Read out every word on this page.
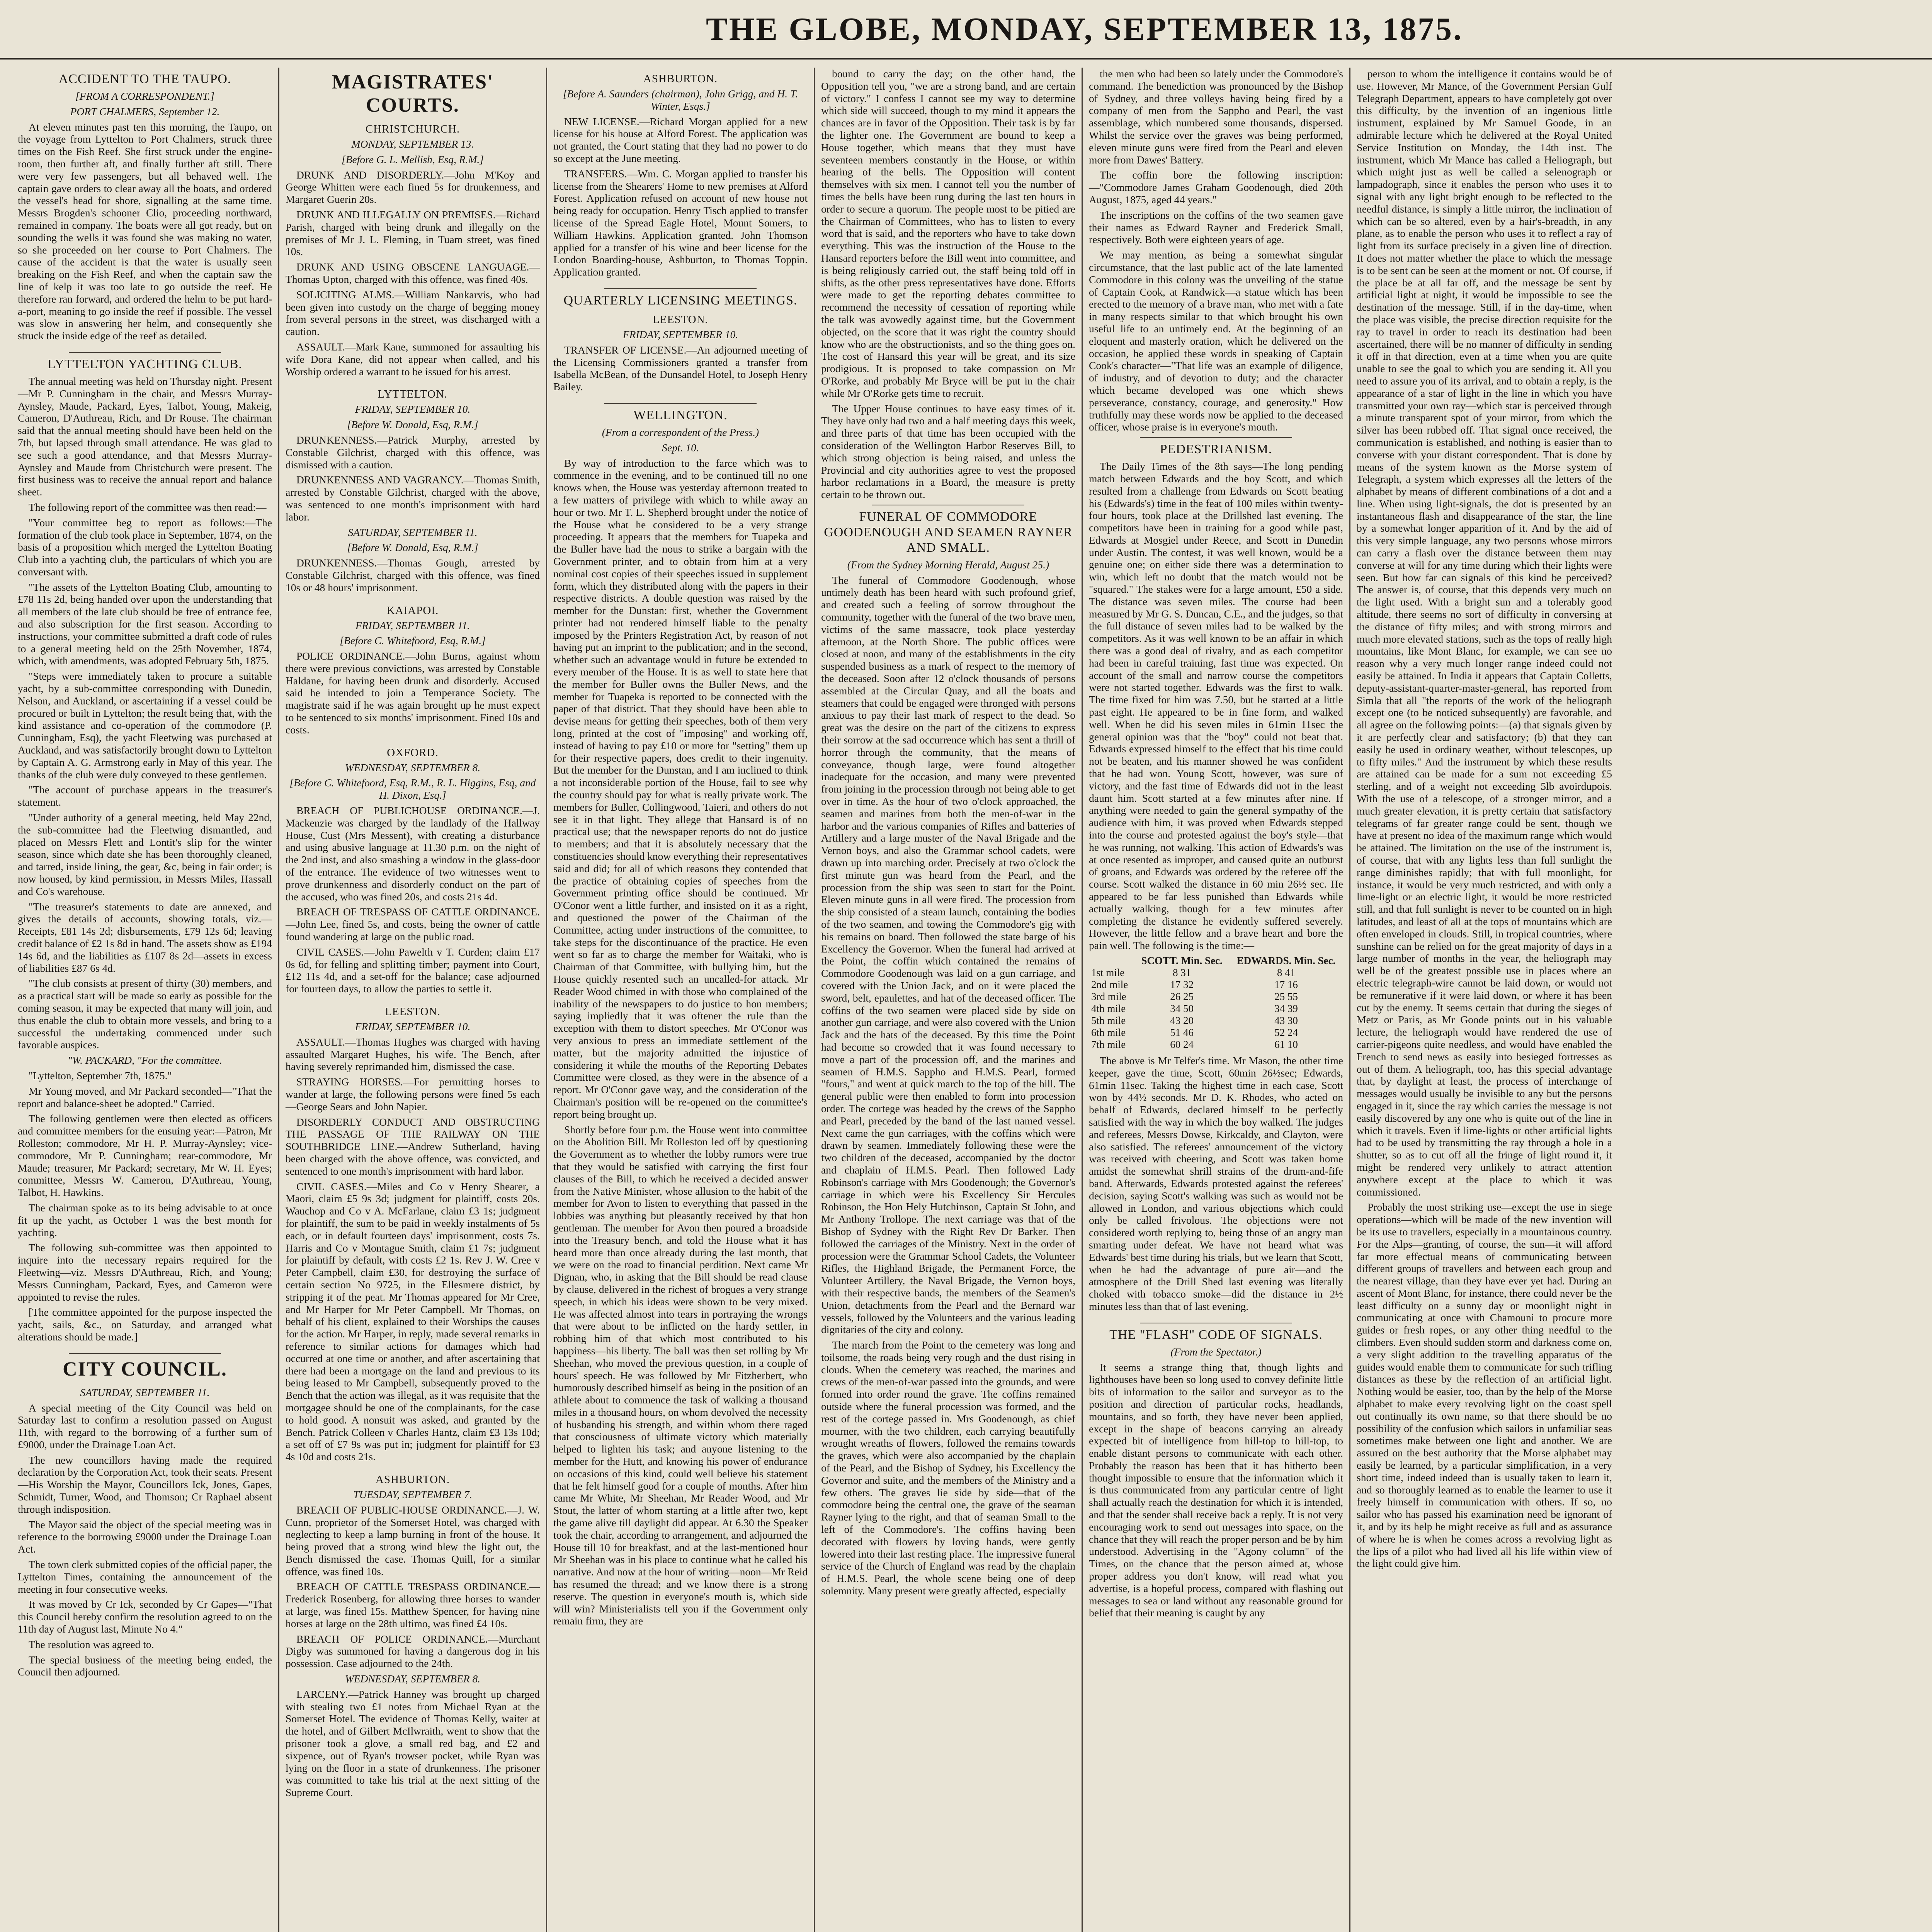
THE GLOBE, MONDAY, SEPTEMBER 13, 1875.
ACCIDENT TO THE TAUPO.
[FROM A CORRESPONDENT.]
PORT CHALMERS, September 12.

At eleven minutes past ten this morning, the Taupo, on the voyage from Lyttelton to Port Chalmers, struck three times on the Fish Reef. She first struck under the engine-room, then further aft, and finally further aft still. There were very few passengers, but all behaved well. The captain gave orders to clear away all the boats, and ordered the vessel's head for shore, signalling at the same time. Messrs Brogden's schooner Clio, proceeding northward, remained in company. The boats were all got ready, but on sounding the wells it was found she was making no water, so she proceeded on her course to Port Chalmers. The cause of the accident is that the water is usually seen breaking on the Fish Reef, and when the captain saw the line of kelp it was too late to go outside the reef. He therefore ran forward, and ordered the helm to be put hard-a-port, meaning to go inside the reef if possible. The vessel was slow in answering her helm, and consequently she struck the inside edge of the reef as detailed.

LYTTELTON YACHTING CLUB.

The annual meeting was held on Thursday night. Present—Mr P. Cunningham in the chair, and Messrs Murray-Aynsley, Maude, Packard, Eyes, Talbot, Young, Makeig, Cameron, D'Authreau, Rich, and Dr Rouse. The chairman said that the annual meeting should have been held on the 7th, but lapsed through small attendance. He was glad to see such a good attendance, and that Messrs Murray-Aynsley and Maude from Christchurch were present. The first business was to receive the annual report and balance sheet.

The following report of the committee was then read:—

"Your committee beg to report as follows:—The formation of the club took place in September, 1874, on the basis of a proposition which merged the Lyttelton Boating Club into a yachting club, the particulars of which you are conversant with.

"The assets of the Lyttelton Boating Club, amounting to £78 11s 2d, being handed over upon the understanding that all members of the late club should be free of entrance fee, and also subscription for the first season. According to instructions, your committee submitted a draft code of rules to a general meeting held on the 25th November, 1874, which, with amendments, was adopted February 5th, 1875.

"Steps were immediately taken to procure a suitable yacht, by a sub-committee corresponding with Dunedin, Nelson, and Auckland, or ascertaining if a vessel could be procured or built in Lyttelton; the result being that, with the kind assistance and co-operation of the commodore (P. Cunningham, Esq), the yacht Fleetwing was purchased at Auckland, and was satisfactorily brought down to Lyttelton by Captain A. G. Armstrong early in May of this year. The thanks of the club were duly conveyed to these gentlemen.

"The account of purchase appears in the treasurer's statement.

"Under authority of a general meeting, held May 22nd, the sub-committee had the Fleetwing dismantled, and placed on Messrs Flett and Lontit's slip for the winter season, since which date she has been thoroughly cleaned, and tarred, inside lining, the gear, &c, being in fair order; is now housed, by kind permission, in Messrs Miles, Hassall and Co's warehouse.

"The treasurer's statements to date are annexed, and gives the details of accounts, showing totals, viz.—Receipts, £81 14s 2d; disbursements, £79 12s 6d; leaving credit balance of £2 1s 8d in hand. The assets show as £194 14s 6d, and the liabilities as £107 8s 2d—assets in excess of liabilities £87 6s 4d.

"The club consists at present of thirty (30) members, and as a practical start will be made so early as possible for the coming season, it may be expected that many will join, and thus enable the club to obtain more vessels, and bring to a successful the undertaking commenced under such favorable auspices.

"W. PACKARD, "For the committee.

"Lyttelton, September 7th, 1875."

Mr Young moved, and Mr Packard seconded—"That the report and balance-sheet be adopted." Carried.

The following gentlemen were then elected as officers and committee members for the ensuing year:—Patron, Mr Rolleston; commodore, Mr H. P. Murray-Aynsley; vice-commodore, Mr P. Cunningham; rear-commodore, Mr Maude; treasurer, Mr Packard; secretary, Mr W. H. Eyes; committee, Messrs W. Cameron, D'Authreau, Young, Talbot, H. Hawkins.

The chairman spoke as to its being advisable to at once fit up the yacht, as October 1 was the best month for yachting.

The following sub-committee was then appointed to inquire into the necessary repairs required for the Fleetwing—viz. Messrs D'Authreau, Rich, and Young; Messrs Cunningham, Packard, Eyes, and Cameron were appointed to revise the rules.

[The committee appointed for the purpose inspected the yacht, sails, &c., on Saturday, and arranged what alterations should be made.]

CITY COUNCIL.
SATURDAY, SEPTEMBER 11.

A special meeting of the City Council was held on Saturday last to confirm a resolution passed on August 11th, with regard to the borrowing of a further sum of £9000, under the Drainage Loan Act.

The new councillors having made the required declaration by the Corporation Act, took their seats. Present—His Worship the Mayor, Councillors Ick, Jones, Gapes, Schmidt, Turner, Wood, and Thomson; Cr Raphael absent through indisposition.

The Mayor said the object of the special meeting was in reference to the borrowing £9000 under the Drainage Loan Act.

The town clerk submitted copies of the official paper, the Lyttelton Times, containing the announcement of the meeting in four consecutive weeks.

It was moved by Cr Ick, seconded by Cr Gapes—"That this Council hereby confirm the resolution agreed to on the 11th day of August last, Minute No 4."

The resolution was agreed to.

The special business of the meeting being ended, the Council then adjourned.

MAGISTRATES' COURTS.
CHRISTCHURCH.
MONDAY, SEPTEMBER 13.
[Before G. L. Mellish, Esq, R.M.]

DRUNK AND DISORDERLY.—John M'Koy and George Whitten were each fined 5s for drunkenness, and Margaret Guerin 20s.

DRUNK AND ILLEGALLY ON PREMISES.—Richard Parish, charged with being drunk and illegally on the premises of Mr J. L. Fleming, in Tuam street, was fined 10s.

DRUNK AND USING OBSCENE LANGUAGE.—Thomas Upton, charged with this offence, was fined 40s.

SOLICITING ALMS.—William Nankarvis, who had been given into custody on the charge of begging money from several persons in the street, was discharged with a caution.

ASSAULT.—Mark Kane, summoned for assaulting his wife Dora Kane, did not appear when called, and his Worship ordered a warrant to be issued for his arrest.

LYTTELTON.
FRIDAY, SEPTEMBER 10.
[Before W. Donald, Esq, R.M.]

DRUNKENNESS.—Patrick Murphy, arrested by Constable Gilchrist, charged with this offence, was dismissed with a caution.

DRUNKENNESS AND VAGRANCY.—Thomas Smith, arrested by Constable Gilchrist, charged with the above, was sentenced to one month's imprisonment with hard labor.

SATURDAY, SEPTEMBER 11.
[Before W. Donald, Esq, R.M.]

DRUNKENNESS.—Thomas Gough, arrested by Constable Gilchrist, charged with this offence, was fined 10s or 48 hours' imprisonment.

KAIAPOI.
FRIDAY, SEPTEMBER 11.
[Before C. Whitefoord, Esq, R.M.]

POLICE ORDINANCE.—John Burns, against whom there were previous convictions, was arrested by Constable Haldane, for having been drunk and disorderly. Accused said he intended to join a Temperance Society. The magistrate said if he was again brought up he must expect to be sentenced to six months' imprisonment. Fined 10s and costs.

OXFORD.
WEDNESDAY, SEPTEMBER 8.
[Before C. Whitefoord, Esq, R.M., R. L. Higgins, Esq, and H. Dixon, Esq.]

BREACH OF PUBLICHOUSE ORDINANCE.—J. Mackenzie was charged by the landlady of the Hallway House, Cust (Mrs Messent), with creating a disturbance and using abusive language at 11.30 p.m. on the night of the 2nd inst, and also smashing a window in the glass-door of the entrance. The evidence of two witnesses went to prove drunkenness and disorderly conduct on the part of the accused, who was fined 20s, and costs 21s 4d.

BREACH OF TRESPASS OF CATTLE ORDINANCE.—John Lee, fined 5s, and costs, being the owner of cattle found wandering at large on the public road.

CIVIL CASES.—John Pawelth v T. Curden; claim £17 0s 6d, for felling and splitting timber; payment into Court, £12 11s 4d, and a set-off for the balance; case adjourned for fourteen days, to allow the parties to settle it.

LEESTON.
FRIDAY, SEPTEMBER 10.

ASSAULT.—Thomas Hughes was charged with having assaulted Margaret Hughes, his wife. The Bench, after having severely reprimanded him, dismissed the case.

STRAYING HORSES.—For permitting horses to wander at large, the following persons were fined 5s each—George Sears and John Napier.

DISORDERLY CONDUCT AND OBSTRUCTING THE PASSAGE OF THE RAILWAY ON THE SOUTHBRIDGE LINE.—Andrew Sutherland, having been charged with the above offence, was convicted, and sentenced to one month's imprisonment with hard labor.

CIVIL CASES.—Miles and Co v Henry Shearer, a Maori, claim £5 9s 3d; judgment for plaintiff, costs 20s. Wauchop and Co v A. McFarlane, claim £3 1s; judgment for plaintiff, the sum to be paid in weekly instalments of 5s each, or in default fourteen days' imprisonment, costs 7s. Harris and Co v Montague Smith, claim £1 7s; judgment for plaintiff by default, with costs £2 1s. Rev J. W. Cree v Peter Campbell, claim £30, for destroying the surface of certain section No 9725, in the Ellesmere district, by stripping it of the peat. Mr Thomas appeared for Mr Cree, and Mr Harper for Mr Peter Campbell. Mr Thomas, on behalf of his client, explained to their Worships the causes for the action. Mr Harper, in reply, made several remarks in reference to similar actions for damages which had occurred at one time or another, and after ascertaining that there had been a mortgage on the land and previous to its being leased to Mr Campbell, subsequently proved to the Bench that the action was illegal, as it was requisite that the mortgagee should be one of the complainants, for the case to hold good. A nonsuit was asked, and granted by the Bench. Patrick Colleen v Charles Hantz, claim £3 13s 10d; a set off of £7 9s was put in; judgment for plaintiff for £3 4s 10d and costs 21s.

ASHBURTON.
TUESDAY, SEPTEMBER 7.

BREACH OF PUBLIC-HOUSE ORDINANCE.—J. W. Cunn, proprietor of the Somerset Hotel, was charged with neglecting to keep a lamp burning in front of the house. It being proved that a strong wind blew the light out, the Bench dismissed the case. Thomas Quill, for a similar offence, was fined 10s.

BREACH OF CATTLE TRESPASS ORDINANCE.—Frederick Rosenberg, for allowing three horses to wander at large, was fined 15s. Matthew Spencer, for having nine horses at large on the 28th ultimo, was fined £4 10s.

BREACH OF POLICE ORDINANCE.—Murchant Digby was summoned for having a dangerous dog in his possession. Case adjourned to the 24th.

WEDNESDAY, SEPTEMBER 8.

LARCENY.—Patrick Hanney was brought up charged with stealing two £1 notes from Michael Ryan at the Somerset Hotel. The evidence of Thomas Kelly, waiter at the hotel, and of Gilbert McIlwraith, went to show that the prisoner took a glove, a small red bag, and £2 and sixpence, out of Ryan's trowser pocket, while Ryan was lying on the floor in a state of drunkenness. The prisoner was committed to take his trial at the next sitting of the Supreme Court.

ASHBURTON.
[Before A. Saunders (chairman), John Grigg, and H. T. Winter, Esqs.]

NEW LICENSE.—Richard Morgan applied for a new license for his house at Alford Forest. The application was not granted, the Court stating that they had no power to do so except at the June meeting.

TRANSFERS.—Wm. C. Morgan applied to transfer his license from the Shearers' Home to new premises at Alford Forest. Application refused on account of new house not being ready for occupation. Henry Tisch applied to transfer license of the Spread Eagle Hotel, Mount Somers, to William Hawkins. Application granted. John Thomson applied for a transfer of his wine and beer license for the London Boarding-house, Ashburton, to Thomas Toppin. Application granted.

QUARTERLY LICENSING MEETINGS.
LEESTON.
FRIDAY, SEPTEMBER 10.

TRANSFER OF LICENSE.—An adjourned meeting of the Licensing Commissioners granted a transfer from Isabella McBean, of the Dunsandel Hotel, to Joseph Henry Bailey.

WELLINGTON.
(From a correspondent of the Press.)
Sept. 10.

By way of introduction to the farce which was to commence in the evening, and to be continued till no one knows when, the House was yesterday afternoon treated to a few matters of privilege with which to while away an hour or two. Mr T. L. Shepherd brought under the notice of the House what he considered to be a very strange proceeding. It appears that the members for Tuapeka and the Buller have had the nous to strike a bargain with the Government printer, and to obtain from him at a very nominal cost copies of their speeches issued in supplement form, which they distributed along with the papers in their respective districts. A double question was raised by the member for the Dunstan: first, whether the Government printer had not rendered himself liable to the penalty imposed by the Printers Registration Act, by reason of not having put an imprint to the publication; and in the second, whether such an advantage would in future be extended to every member of the House. It is as well to state here that the member for Buller owns the Buller News, and the member for Tuapeka is reported to be connected with the paper of that district. That they should have been able to devise means for getting their speeches, both of them very long, printed at the cost of "imposing" and working off, instead of having to pay £10 or more for "setting" them up for their respective papers, does credit to their ingenuity. But the member for the Dunstan, and I am inclined to think a not inconsiderable portion of the House, fail to see why the country should pay for what is really private work. The members for Buller, Collingwood, Taieri, and others do not see it in that light. They allege that Hansard is of no practical use; that the newspaper reports do not do justice to members; and that it is absolutely necessary that the constituencies should know everything their representatives said and did; for all of which reasons they contended that the practice of obtaining copies of speeches from the Government printing office should be continued. Mr O'Conor went a little further, and insisted on it as a right, and questioned the power of the Chairman of the Committee, acting under instructions of the committee, to take steps for the discontinuance of the practice. He even went so far as to charge the member for Waitaki, who is Chairman of that Committee, with bullying him, but the House quickly resented such an uncalled-for attack. Mr Reader Wood chimed in with those who complained of the inability of the newspapers to do justice to hon members; saying impliedly that it was oftener the rule than the exception with them to distort speeches. Mr O'Conor was very anxious to press an immediate settlement of the matter, but the majority admitted the injustice of considering it while the mouths of the Reporting Debates Committee were closed, as they were in the absence of a report. Mr O'Conor gave way, and the consideration of the Chairman's position will be re-opened on the committee's report being brought up.

Shortly before four p.m. the House went into committee on the Abolition Bill. Mr Rolleston led off by questioning the Government as to whether the lobby rumors were true that they would be satisfied with carrying the first four clauses of the Bill, to which he received a decided answer from the Native Minister, whose allusion to the habit of the member for Avon to listen to everything that passed in the lobbies was anything but pleasantly received by that hon gentleman. The member for Avon then poured a broadside into the Treasury bench, and told the House what it has heard more than once already during the last month, that we were on the road to financial perdition. Next came Mr Dignan, who, in asking that the Bill should be read clause by clause, delivered in the richest of brogues a very strange speech, in which his ideas were shown to be very mixed. He was affected almost into tears in portraying the wrongs that were about to be inflicted on the hardy settler, in robbing him of that which most contributed to his happiness—his liberty. The ball was then set rolling by Mr Sheehan, who moved the previous question, in a couple of hours' speech. He was followed by Mr Fitzherbert, who humorously described himself as being in the position of an athlete about to commence the task of walking a thousand miles in a thousand hours, on whom devolved the necessity of husbanding his strength, and within whom there raged that consciousness of ultimate victory which materially helped to lighten his task; and anyone listening to the member for the Hutt, and knowing his power of endurance on occasions of this kind, could well believe his statement that he felt himself good for a couple of months. After him came Mr White, Mr Sheehan, Mr Reader Wood, and Mr Stout, the latter of whom starting at a little after two, kept the game alive till daylight did appear. At 6.30 the Speaker took the chair, according to arrangement, and adjourned the House till 10 for breakfast, and at the last-mentioned hour Mr Sheehan was in his place to continue what he called his narrative. And now at the hour of writing—noon—Mr Reid has resumed the thread; and we know there is a strong reserve. The question in everyone's mouth is, which side will win? Ministerialists tell you if the Government only remain firm, they are

bound to carry the day; on the other hand, the Opposition tell you, "we are a strong band, and are certain of victory." I confess I cannot see my way to determine which side will succeed, though to my mind it appears the chances are in favor of the Opposition. Their task is by far the lighter one. The Government are bound to keep a House together, which means that they must have seventeen members constantly in the House, or within hearing of the bells. The Opposition will content themselves with six men. I cannot tell you the number of times the bells have been rung during the last ten hours in order to secure a quorum. The people most to be pitied are the Chairman of Committees, who has to listen to every word that is said, and the reporters who have to take down everything. This was the instruction of the House to the Hansard reporters before the Bill went into committee, and is being religiously carried out, the staff being told off in shifts, as the other press representatives have done. Efforts were made to get the reporting debates committee to recommend the necessity of cessation of reporting while the talk was avowedly against time, but the Government objected, on the score that it was right the country should know who are the obstructionists, and so the thing goes on. The cost of Hansard this year will be great, and its size prodigious. It is proposed to take compassion on Mr O'Rorke, and probably Mr Bryce will be put in the chair while Mr O'Rorke gets time to recruit.

The Upper House continues to have easy times of it. They have only had two and a half meeting days this week, and three parts of that time has been occupied with the consideration of the Wellington Harbor Reserves Bill, to which strong objection is being raised, and unless the Provincial and city authorities agree to vest the proposed harbor reclamations in a Board, the measure is pretty certain to be thrown out.

FUNERAL OF COMMODORE GOODENOUGH AND SEAMEN RAYNER AND SMALL.
(From the Sydney Morning Herald, August 25.)

The funeral of Commodore Goodenough, whose untimely death has been heard with such profound grief, and created such a feeling of sorrow throughout the community, together with the funeral of the two brave men, victims of the same massacre, took place yesterday afternoon, at the North Shore. The public offices were closed at noon, and many of the establishments in the city suspended business as a mark of respect to the memory of the deceased. Soon after 12 o'clock thousands of persons assembled at the Circular Quay, and all the boats and steamers that could be engaged were thronged with persons anxious to pay their last mark of respect to the dead. So great was the desire on the part of the citizens to express their sorrow at the sad occurrence which has sent a thrill of horror through the community, that the means of conveyance, though large, were found altogether inadequate for the occasion, and many were prevented from joining in the procession through not being able to get over in time. As the hour of two o'clock approached, the seamen and marines from both the men-of-war in the harbor and the various companies of Rifles and batteries of Artillery and a large muster of the Naval Brigade and the Vernon boys, and also the Grammar school cadets, were drawn up into marching order. Precisely at two o'clock the first minute gun was heard from the Pearl, and the procession from the ship was seen to start for the Point. Eleven minute guns in all were fired. The procession from the ship consisted of a steam launch, containing the bodies of the two seamen, and towing the Commodore's gig with his remains on board. Then followed the state barge of his Excellency the Governor. When the funeral had arrived at the Point, the coffin which contained the remains of Commodore Goodenough was laid on a gun carriage, and covered with the Union Jack, and on it were placed the sword, belt, epaulettes, and hat of the deceased officer. The coffins of the two seamen were placed side by side on another gun carriage, and were also covered with the Union Jack and the hats of the deceased. By this time the Point had become so crowded that it was found necessary to move a part of the procession off, and the marines and seamen of H.M.S. Sappho and H.M.S. Pearl, formed "fours," and went at quick march to the top of the hill. The general public were then enabled to form into procession order. The cortege was headed by the crews of the Sappho and Pearl, preceded by the band of the last named vessel. Next came the gun carriages, with the coffins which were drawn by seamen. Immediately following these were the two children of the deceased, accompanied by the doctor and chaplain of H.M.S. Pearl. Then followed Lady Robinson's carriage with Mrs Goodenough; the Governor's carriage in which were his Excellency Sir Hercules Robinson, the Hon Hely Hutchinson, Captain St John, and Mr Anthony Trollope. The next carriage was that of the Bishop of Sydney with the Right Rev Dr Barker. Then followed the carriages of the Ministry. Next in the order of procession were the Grammar School Cadets, the Volunteer Rifles, the Highland Brigade, the Permanent Force, the Volunteer Artillery, the Naval Brigade, the Vernon boys, with their respective bands, the members of the Seamen's Union, detachments from the Pearl and the Bernard war vessels, followed by the Volunteers and the various leading dignitaries of the city and colony.

The march from the Point to the cemetery was long and toilsome, the roads being very rough and the dust rising in clouds. When the cemetery was reached, the marines and crews of the men-of-war passed into the grounds, and were formed into order round the grave. The coffins remained outside where the funeral procession was formed, and the rest of the cortege passed in. Mrs Goodenough, as chief mourner, with the two children, each carrying beautifully wrought wreaths of flowers, followed the remains towards the graves, which were also accompanied by the chaplain of the Pearl, and the Bishop of Sydney, his Excellency the Governor and suite, and the members of the Ministry and a few others. The graves lie side by side—that of the commodore being the central one, the grave of the seaman Rayner lying to the right, and that of seaman Small to the left of the Commodore's. The coffins having been decorated with flowers by loving hands, were gently lowered into their last resting place. The impressive funeral service of the Church of England was read by the chaplain of H.M.S. Pearl, the whole scene being one of deep solemnity. Many present were greatly affected, especially

the men who had been so lately under the Commodore's command. The benediction was pronounced by the Bishop of Sydney, and three volleys having being fired by a company of men from the Sappho and Pearl, the vast assemblage, which numbered some thousands, dispersed. Whilst the service over the graves was being performed, eleven minute guns were fired from the Pearl and eleven more from Dawes' Battery.

The coffin bore the following inscription:—"Commodore James Graham Goodenough, died 20th August, 1875, aged 44 years."

The inscriptions on the coffins of the two seamen gave their names as Edward Rayner and Frederick Small, respectively. Both were eighteen years of age.

We may mention, as being a somewhat singular circumstance, that the last public act of the late lamented Commodore in this colony was the unveiling of the statue of Captain Cook, at Randwick—a statue which has been erected to the memory of a brave man, who met with a fate in many respects similar to that which brought his own useful life to an untimely end. At the beginning of an eloquent and masterly oration, which he delivered on the occasion, he applied these words in speaking of Captain Cook's character—"That life was an example of diligence, of industry, and of devotion to duty; and the character which became developed was one which shews perseverance, constancy, courage, and generosity." How truthfully may these words now be applied to the deceased officer, whose praise is in everyone's mouth.

PEDESTRIANISM.

The Daily Times of the 8th says—The long pending match between Edwards and the boy Scott, and which resulted from a challenge from Edwards on Scott beating his (Edwards's) time in the feat of 100 miles within twenty-four hours, took place at the Drillshed last evening. The competitors have been in training for a good while past, Edwards at Mosgiel under Reece, and Scott in Dunedin under Austin. The contest, it was well known, would be a genuine one; on either side there was a determination to win, which left no doubt that the match would not be "squared." The stakes were for a large amount, £50 a side. The distance was seven miles. The course had been measured by Mr G. S. Duncan, C.E., and the judges, so that the full distance of seven miles had to be walked by the competitors. As it was well known to be an affair in which there was a good deal of rivalry, and as each competitor had been in careful training, fast time was expected. On account of the small and narrow course the competitors were not started together. Edwards was the first to walk. The time fixed for him was 7.50, but he started at a little past eight. He appeared to be in fine form, and walked well. When he did his seven miles in 61min 11sec the general opinion was that the "boy" could not beat that. Edwards expressed himself to the effect that his time could not be beaten, and his manner showed he was confident that he had won. Young Scott, however, was sure of victory, and the fast time of Edwards did not in the least daunt him. Scott started at a few minutes after nine. If anything were needed to gain the general sympathy of the audience with him, it was proved when Edwards stepped into the course and protested against the boy's style—that he was running, not walking. This action of Edwards's was at once resented as improper, and caused quite an outburst of groans, and Edwards was ordered by the referee off the course. Scott walked the distance in 60 min 26½ sec. He appeared to be far less punished than Edwards while actually walking, though for a few minutes after completing the distance he evidently suffered severely. However, the little fellow and a brave heart and bore the pain well. The following is the time:—

	SCOTT. Min. Sec.	EDWARDS. Min. Sec.
1st mile	8 31	8 41
2nd mile	17 32	17 16
3rd mile	26 25	25 55
4th mile	34 50	34 39
5th mile	43 20	43 30
6th mile	51 46	52 24
7th mile	60 24	61 10

The above is Mr Telfer's time. Mr Mason, the other time keeper, gave the time, Scott, 60min 26½sec; Edwards, 61min 11sec. Taking the highest time in each case, Scott won by 44½ seconds. Mr D. K. Rhodes, who acted on behalf of Edwards, declared himself to be perfectly satisfied with the way in which the boy walked. The judges and referees, Messrs Dowse, Kirkcaldy, and Clayton, were also satisfied. The referees' announcement of the victory was received with cheering, and Scott was taken home amidst the somewhat shrill strains of the drum-and-fife band. Afterwards, Edwards protested against the referees' decision, saying Scott's walking was such as would not be allowed in London, and various objections which could only be called frivolous. The objections were not considered worth replying to, being those of an angry man smarting under defeat. We have not heard what was Edwards' best time during his trials, but we learn that Scott, when he had the advantage of pure air—and the atmosphere of the Drill Shed last evening was literally choked with tobacco smoke—did the distance in 2½ minutes less than that of last evening.

THE "FLASH" CODE OF SIGNALS.
(From the Spectator.)

It seems a strange thing that, though lights and lighthouses have been so long used to convey definite little bits of information to the sailor and surveyor as to the position and direction of particular rocks, headlands, mountains, and so forth, they have never been applied, except in the shape of beacons carrying an already expected bit of intelligence from hill-top to hill-top, to enable distant persons to communicate with each other. Probably the reason has been that it has hitherto been thought impossible to ensure that the information which it is thus communicated from any particular centre of light shall actually reach the destination for which it is intended, and that the sender shall receive back a reply. It is not very encouraging work to send out messages into space, on the chance that they will reach the proper person and be by him understood. Advertising in the "Agony column" of the Times, on the chance that the person aimed at, whose proper address you don't know, will read what you advertise, is a hopeful process, compared with flashing out messages to sea or land without any reasonable ground for belief that their meaning is caught by any

person to whom the intelligence it contains would be of use. However, Mr Mance, of the Government Persian Gulf Telegraph Department, appears to have completely got over this difficulty, by the invention of an ingenious little instrument, explained by Mr Samuel Goode, in an admirable lecture which he delivered at the Royal United Service Institution on Monday, the 14th inst. The instrument, which Mr Mance has called a Heliograph, but which might just as well be called a selenograph or lampadograph, since it enables the person who uses it to signal with any light bright enough to be reflected to the needful distance, is simply a little mirror, the inclination of which can be so altered, even by a hair's-breadth, in any plane, as to enable the person who uses it to reflect a ray of light from its surface precisely in a given line of direction. It does not matter whether the place to which the message is to be sent can be seen at the moment or not. Of course, if the place be at all far off, and the message be sent by artificial light at night, it would be impossible to see the destination of the message. Still, if in the day-time, when the place was visible, the precise direction requisite for the ray to travel in order to reach its destination had been ascertained, there will be no manner of difficulty in sending it off in that direction, even at a time when you are quite unable to see the goal to which you are sending it. All you need to assure you of its arrival, and to obtain a reply, is the appearance of a star of light in the line in which you have transmitted your own ray—which star is perceived through a minute transparent spot of your mirror, from which the silver has been rubbed off. That signal once received, the communication is established, and nothing is easier than to converse with your distant correspondent. That is done by means of the system known as the Morse system of Telegraph, a system which expresses all the letters of the alphabet by means of different combinations of a dot and a line. When using light-signals, the dot is presented by an instantaneous flash and disappearance of the star, the line by a somewhat longer apparition of it. And by the aid of this very simple language, any two persons whose mirrors can carry a flash over the distance between them may converse at will for any time during which their lights were seen. But how far can signals of this kind be perceived? The answer is, of course, that this depends very much on the light used. With a bright sun and a tolerably good altitude, there seems no sort of difficulty in conversing at the distance of fifty miles; and with strong mirrors and much more elevated stations, such as the tops of really high mountains, like Mont Blanc, for example, we can see no reason why a very much longer range indeed could not easily be attained. In India it appears that Captain Colletts, deputy-assistant-quarter-master-general, has reported from Simla that all "the reports of the work of the heliograph except one (to be noticed subsequently) are favorable, and all agree on the following points:—(a) that signals given by it are perfectly clear and satisfactory; (b) that they can easily be used in ordinary weather, without telescopes, up to fifty miles." And the instrument by which these results are attained can be made for a sum not exceeding £5 sterling, and of a weight not exceeding 5lb avoirdupois. With the use of a telescope, of a stronger mirror, and a much greater elevation, it is pretty certain that satisfactory telegrams of far greater range could be sent, though we have at present no idea of the maximum range which would be attained. The limitation on the use of the instrument is, of course, that with any lights less than full sunlight the range diminishes rapidly; that with full moonlight, for instance, it would be very much restricted, and with only a lime-light or an electric light, it would be more restricted still, and that full sunlight is never to be counted on in high latitudes, and least of all at the tops of mountains which are often enveloped in clouds. Still, in tropical countries, where sunshine can be relied on for the great majority of days in a large number of months in the year, the heliograph may well be of the greatest possible use in places where an electric telegraph-wire cannot be laid down, or would not be remunerative if it were laid down, or where it has been cut by the enemy. It seems certain that during the sieges of Metz or Paris, as Mr Goode points out in his valuable lecture, the heliograph would have rendered the use of carrier-pigeons quite needless, and would have enabled the French to send news as easily into besieged fortresses as out of them. A heliograph, too, has this special advantage that, by daylight at least, the process of interchange of messages would usually be invisible to any but the persons engaged in it, since the ray which carries the message is not easily discovered by any one who is quite out of the line in which it travels. Even if lime-lights or other artificial lights had to be used by transmitting the ray through a hole in a shutter, so as to cut off all the fringe of light round it, it might be rendered very unlikely to attract attention anywhere except at the place to which it was commissioned.

Probably the most striking use—except the use in siege operations—which will be made of the new invention will be its use to travellers, especially in a mountainous country. For the Alps—granting, of course, the sun—it will afford far more effectual means of communicating between different groups of travellers and between each group and the nearest village, than they have ever yet had. During an ascent of Mont Blanc, for instance, there could never be the least difficulty on a sunny day or moonlight night in communicating at once with Chamouni to procure more guides or fresh ropes, or any other thing needful to the climbers. Even should sudden storm and darkness come on, a very slight addition to the travelling apparatus of the guides would enable them to communicate for such trifling distances as these by the reflection of an artificial light. Nothing would be easier, too, than by the help of the Morse alphabet to make every revolving light on the coast spell out continually its own name, so that there should be no possibility of the confusion which sailors in unfamiliar seas sometimes make between one light and another. We are assured on the best authority that the Morse alphabet may easily be learned, by a particular simplification, in a very short time, indeed indeed than is usually taken to learn it, and so thoroughly learned as to enable the learner to use it freely himself in communication with others. If so, no sailor who has passed his examination need be ignorant of it, and by its help he might receive as full and as assurance of where he is when he comes across a revolving light as the lips of a pilot who had lived all his life within view of the light could give him.
